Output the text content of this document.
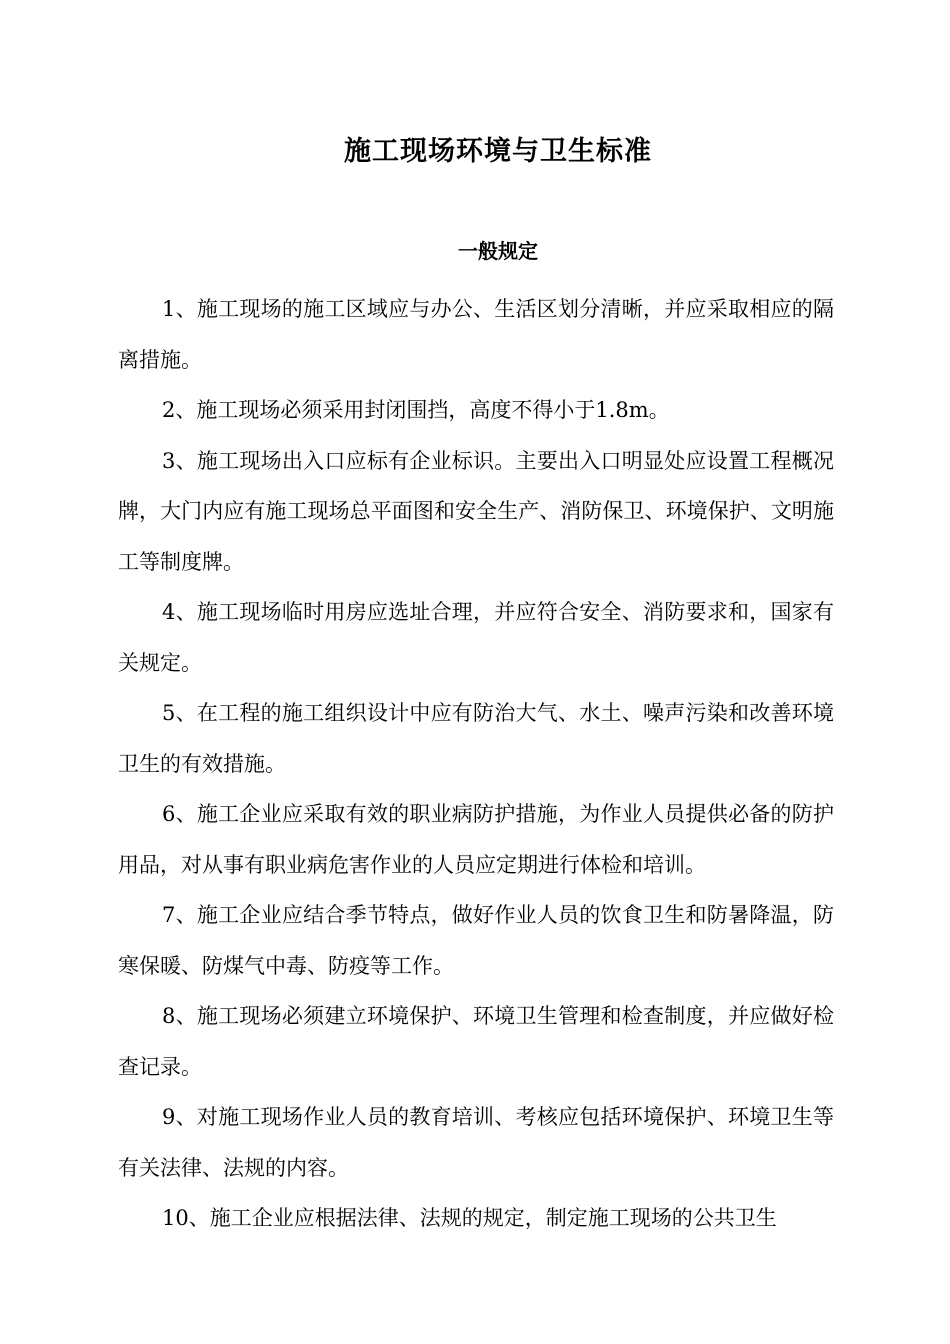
施工现场环境与卫生标准
一般规定

1、施工现场的施工区域应与办公、生活区划分清晰，并应采取相应的隔离措施。

2、施工现场必须采用封闭围挡，高度不得小于1.8m。

3、施工现场出入口应标有企业标识。主要出入口明显处应设置工程概况牌，大门内应有施工现场总平面图和安全生产、消防保卫、环境保护、文明施工等制度牌。

4、施工现场临时用房应选址合理，并应符合安全、消防要求和，国家有关规定。

5、在工程的施工组织设计中应有防治大气、水土、噪声污染和改善环境卫生的有效措施。

6、施工企业应采取有效的职业病防护措施，为作业人员提供必备的防护用品，对从事有职业病危害作业的人员应定期进行体检和培训。

7、施工企业应结合季节特点，做好作业人员的饮食卫生和防暑降温，防寒保暖、防煤气中毒、防疫等工作。

8、施工现场必须建立环境保护、环境卫生管理和检查制度，并应做好检查记录。

9、对施工现场作业人员的教育培训、考核应包括环境保护、环境卫生等有关法律、法规的内容。

10、施工企业应根据法律、法规的规定，制定施工现场的公共卫生
